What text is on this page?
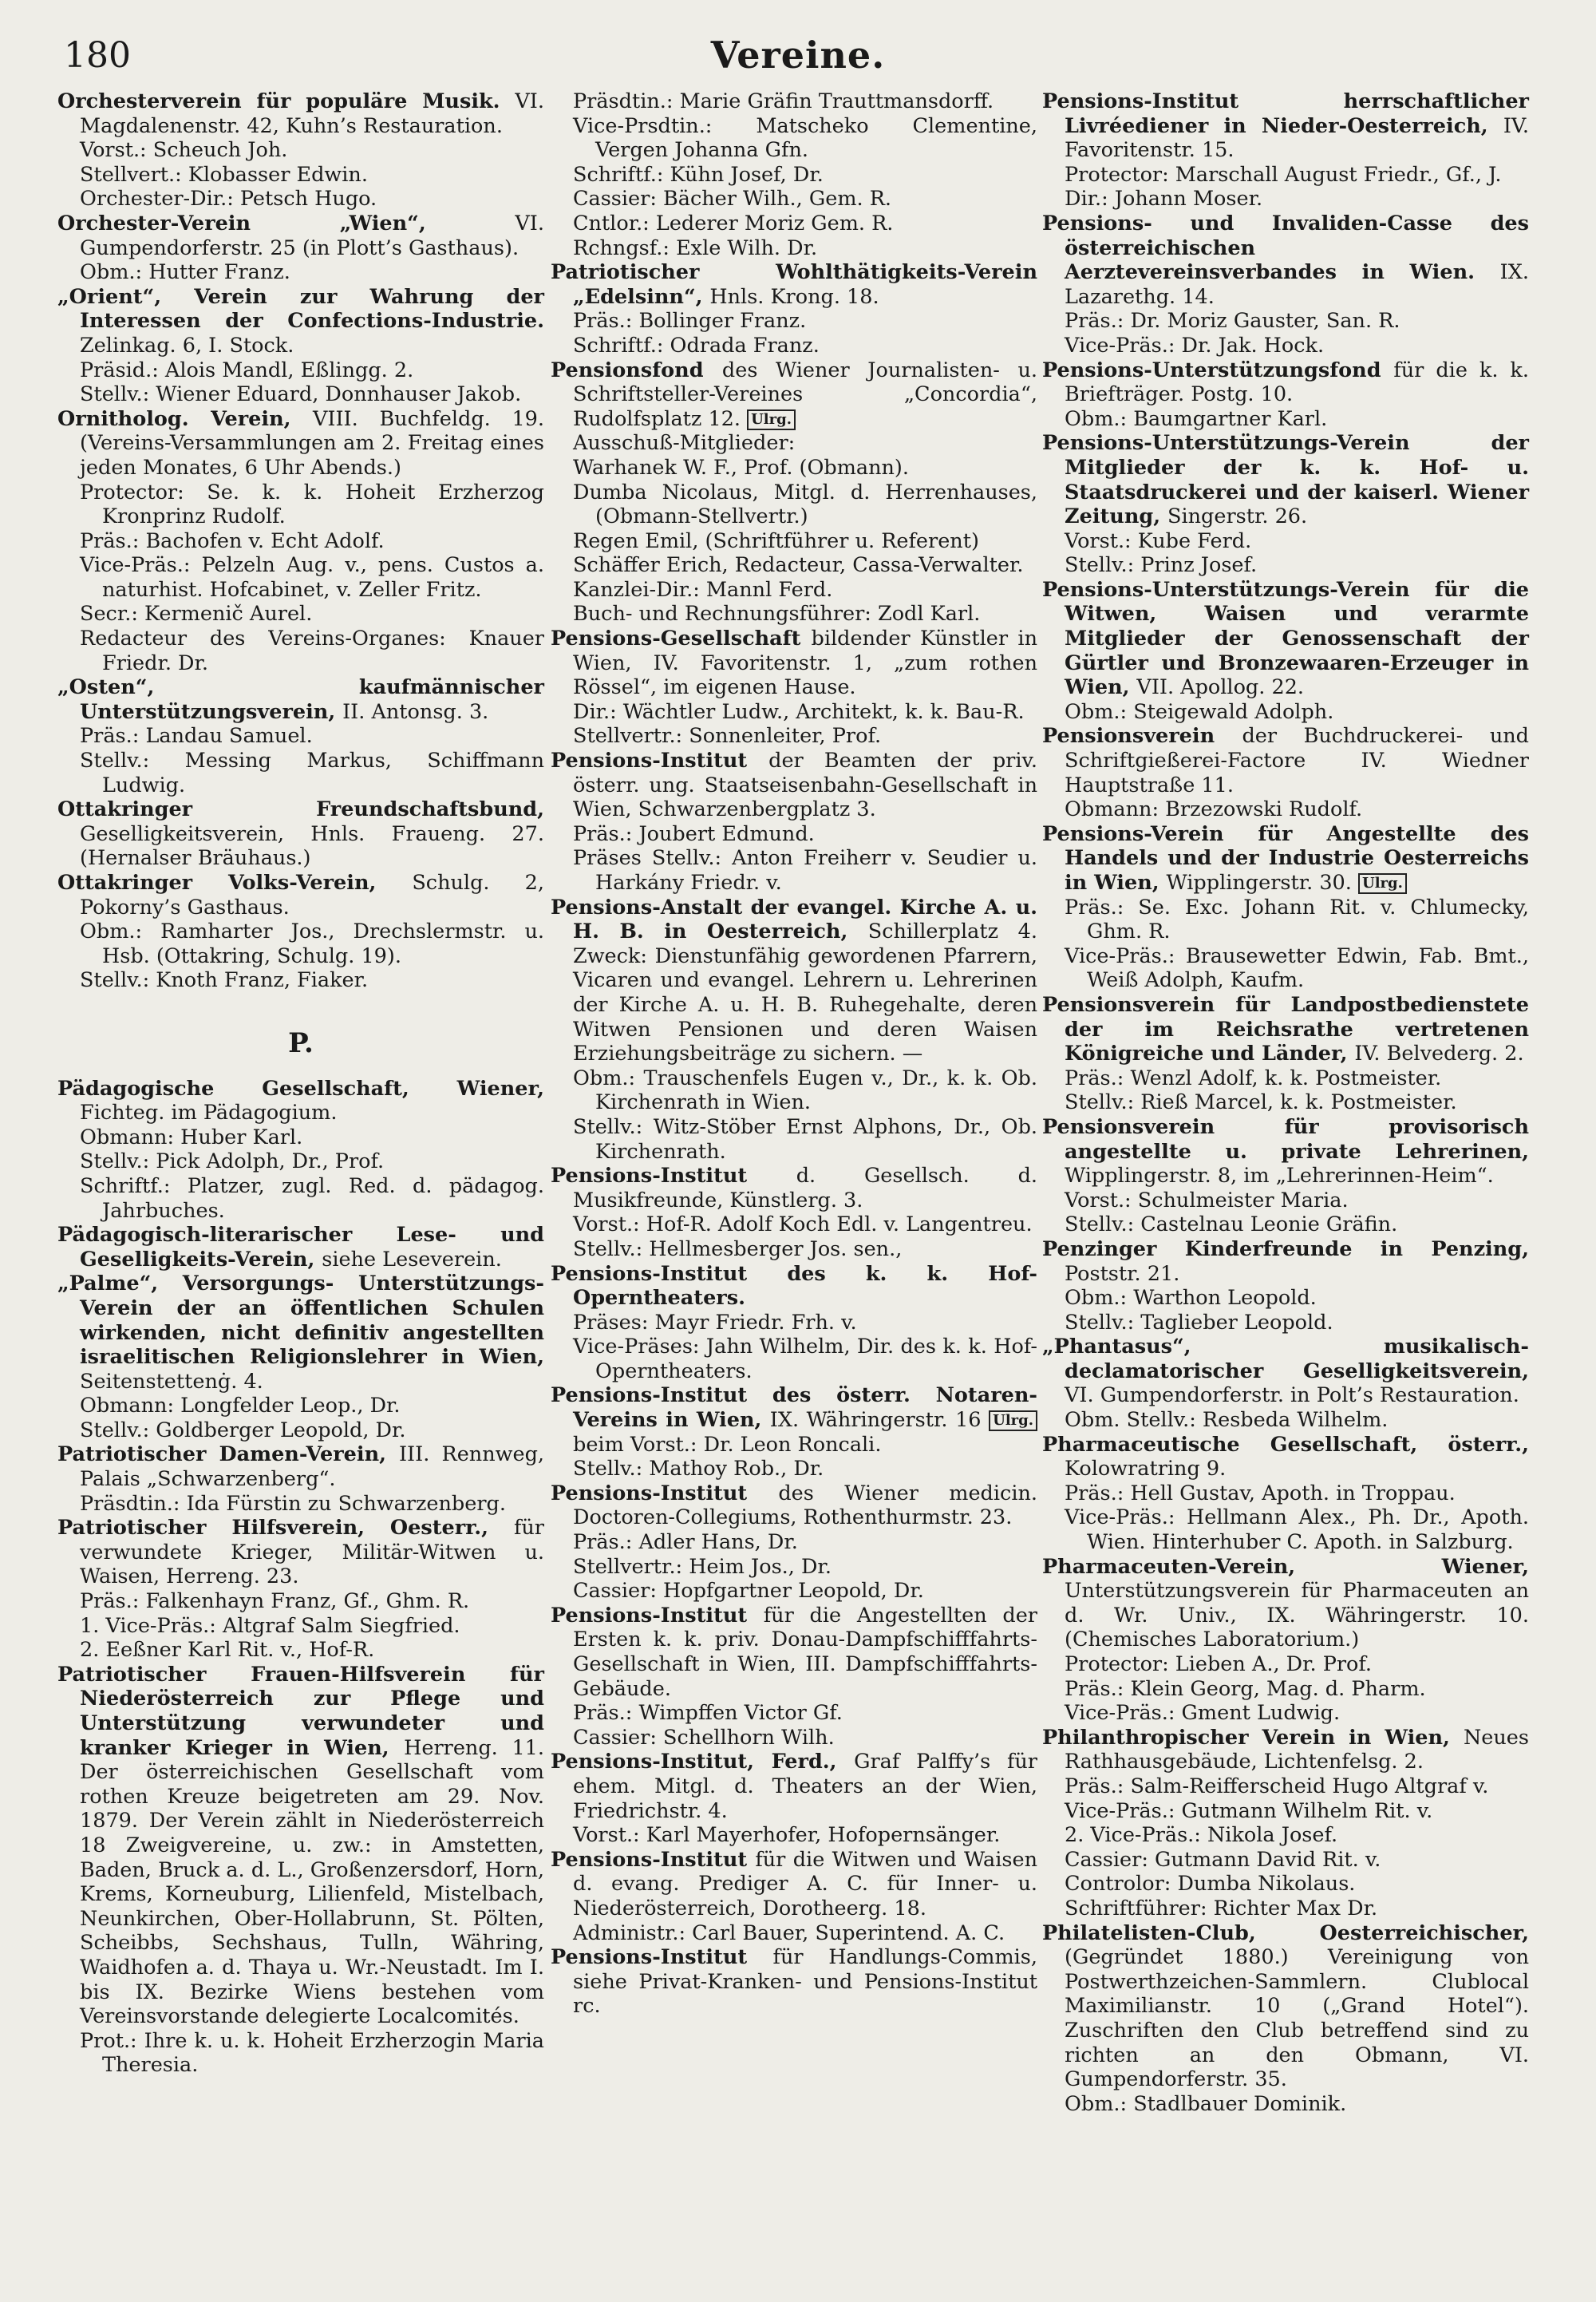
180	Vereine.
Orchesterverein für populäre Musik. VI. Magdalenenstr. 42, Kuhn’s Restauration.
Vorst.: Scheuch Joh.
Stellvert.: Klobasser Edwin.
Orchester-Dir.: Petsch Hugo.
Orchester-Verein „Wien“, VI. Gumpendorferstr. 25 (in Plott’s Gasthaus).
Obm.: Hutter Franz.
„Orient“, Verein zur Wahrung der Interessen der Confections-Industrie. Zelinkag. 6, I. Stock.
Präsid.: Alois Mandl, Eßlingg. 2.
Stellv.: Wiener Eduard, Donnhauser Jakob.
Ornitholog. Verein, VIII. Buchfeldg. 19. (Vereins-Versammlungen am 2. Freitag eines jeden Monates, 6 Uhr Abends.)
Protector: Se. k. k. Hoheit Erzherzog Kronprinz Rudolf.
Präs.: Bachofen v. Echt Adolf.
Vice-Präs.: Pelzeln Aug. v., pens. Custos a. naturhist. Hofcabinet, v. Zeller Fritz.
Secr.: Kermenič Aurel.
Redacteur des Vereins-Organes: Knauer Friedr. Dr.
„Osten“, kaufmännischer Unterstützungsverein, II. Antonsg. 3.
Präs.: Landau Samuel.
Stellv.: Messing Markus, Schiffmann Ludwig.
Ottakringer Freundschaftsbund, Geselligkeitsverein, Hnls. Fraueng. 27. (Hernalser Bräuhaus.)
Ottakringer Volks-Verein, Schulg. 2, Pokorny’s Gasthaus.
Obm.: Ramharter Jos., Drechslermstr. u. Hsb. (Ottakring, Schulg. 19).
Stellv.: Knoth Franz, Fiaker.
P.
Pädagogische Gesellschaft, Wiener, Fichteg. im Pädagogium.
Obmann: Huber Karl.
Stellv.: Pick Adolph, Dr., Prof.
Schriftf.: Platzer, zugl. Red. d. pädagog. Jahrbuches.
Pädagogisch-literarischer Lese- und Geselligkeits-Verein, siehe Leseverein.
„Palme“, Versorgungs- Unterstützungs-Verein der an öffentlichen Schulen wirkenden, nicht definitiv angestellten israelitischen Religionslehrer in Wien, Seitenstettenġ. 4.
Obmann: Longfelder Leop., Dr.
Stellv.: Goldberger Leopold, Dr.
Patriotischer Damen-Verein, III. Rennweg, Palais „Schwarzenberg“.
Präsdtin.: Ida Fürstin zu Schwarzenberg.
Patriotischer Hilfsverein, Oesterr., für verwundete Krieger, Militär-Witwen u. Waisen, Herreng. 23.
Präs.: Falkenhayn Franz, Gf., Ghm. R.
1. Vice-Präs.: Altgraf Salm Siegfried.
2. Eeßner Karl Rit. v., Hof-R.
Patriotischer Frauen-Hilfsverein für Niederösterreich zur Pflege und Unterstützung verwundeter und kranker Krieger in Wien, Herreng. 11. Der österreichischen Gesellschaft vom rothen Kreuze beigetreten am 29. Nov. 1879. Der Verein zählt in Niederösterreich 18 Zweigvereine, u. zw.: in Amstetten, Baden, Bruck a. d. L., Großenzersdorf, Horn, Krems, Korneuburg, Lilienfeld, Mistelbach, Neunkirchen, Ober-Hollabrunn, St. Pölten, Scheibbs, Sechshaus, Tulln, Währing, Waidhofen a. d. Thaya u. Wr.-Neustadt. Im I. bis IX. Bezirke Wiens bestehen vom Vereinsvorstande delegierte Localcomités.
Prot.: Ihre k. u. k. Hoheit Erzherzogin Maria Theresia.
Präsdtin.: Marie Gräfin Trauttmansdorff.
Vice-Prsdtin.: Matscheko Clementine, Vergen Johanna Gfn.
Schriftf.: Kühn Josef, Dr.
Cassier: Bächer Wilh., Gem. R.
Cntlor.: Lederer Moriz Gem. R.
Rchngsf.: Exle Wilh. Dr.
Patriotischer Wohlthätigkeits-Verein „Edelsinn“, Hnls. Krong. 18.
Präs.: Bollinger Franz.
Schriftf.: Odrada Franz.
Pensionsfond des Wiener Journalisten- u. Schriftsteller-Vereines „Concordia“, Rudolfsplatz 12. Ulrg.
Ausschuß-Mitglieder:
Warhanek W. F., Prof. (Obmann).
Dumba Nicolaus, Mitgl. d. Herrenhauses, (Obmann-Stellvertr.)
Regen Emil, (Schriftführer u. Referent)
Schäffer Erich, Redacteur, Cassa-Verwalter.
Kanzlei-Dir.: Mannl Ferd.
Buch- und Rechnungsführer: Zodl Karl.
Pensions-Gesellschaft bildender Künstler in Wien, IV. Favoritenstr. 1, „zum rothen Rössel“, im eigenen Hause.
Dir.: Wächtler Ludw., Architekt, k. k. Bau-R.
Stellvertr.: Sonnenleiter, Prof.
Pensions-Institut der Beamten der priv. österr. ung. Staatseisenbahn-Gesellschaft in Wien, Schwarzenbergplatz 3.
Präs.: Joubert Edmund.
Präses Stellv.: Anton Freiherr v. Seudier u. Harkány Friedr. v.
Pensions-Anstalt der evangel. Kirche A. u. H. B. in Oesterreich, Schillerplatz 4. Zweck: Dienstunfähig gewordenen Pfarrern, Vicaren und evangel. Lehrern u. Lehrerinen der Kirche A. u. H. B. Ruhegehalte, deren Witwen Pensionen und deren Waisen Erziehungsbeiträge zu sichern. —
Obm.: Trauschenfels Eugen v., Dr., k. k. Ob. Kirchenrath in Wien.
Stellv.: Witz-Stöber Ernst Alphons, Dr., Ob. Kirchenrath.
Pensions-Institut d. Gesellsch. d. Musikfreunde, Künstlerg. 3.
Vorst.: Hof-R. Adolf Koch Edl. v. Langentreu.
Stellv.: Hellmesberger Jos. sen.,
Pensions-Institut des k. k. Hof-Operntheaters.
Präses: Mayr Friedr. Frh. v.
Vice-Präses: Jahn Wilhelm, Dir. des k. k. Hof-Operntheaters.
Pensions-Institut des österr. Notaren-Vereins in Wien, IX. Währingerstr. 16 Ulrg. beim Vorst.: Dr. Leon Roncali.
Stellv.: Mathoy Rob., Dr.
Pensions-Institut des Wiener medicin. Doctoren-Collegiums, Rothenthurmstr. 23.
Präs.: Adler Hans, Dr.
Stellvertr.: Heim Jos., Dr.
Cassier: Hopfgartner Leopold, Dr.
Pensions-Institut für die Angestellten der Ersten k. k. priv. Donau-Dampfschifffahrts-Gesellschaft in Wien, III. Dampfschifffahrts-Gebäude.
Präs.: Wimpffen Victor Gf.
Cassier: Schellhorn Wilh.
Pensions-Institut, Ferd., Graf Palffy’s für ehem. Mitgl. d. Theaters an der Wien, Friedrichstr. 4.
Vorst.: Karl Mayerhofer, Hofopernsänger.
Pensions-Institut für die Witwen und Waisen d. evang. Prediger A. C. für Inner- u. Niederösterreich, Dorotheerg. 18.
Administr.: Carl Bauer, Superintend. A. C.
Pensions-Institut für Handlungs-Commis, siehe Privat-Kranken- und Pensions-Institut rc.
Pensions-Institut herrschaftlicher Livréediener in Nieder-Oesterreich, IV. Favoritenstr. 15.
Protector: Marschall August Friedr., Gf., J.
Dir.: Johann Moser.
Pensions- und Invaliden-Casse des österreichischen Aerztevereinsverbandes in Wien. IX. Lazarethg. 14.
Präs.: Dr. Moriz Gauster, San. R.
Vice-Präs.: Dr. Jak. Hock.
Pensions-Unterstützungsfond für die k. k. Briefträger. Postg. 10.
Obm.: Baumgartner Karl.
Pensions-Unterstützungs-Verein der Mitglieder der k. k. Hof- u. Staatsdruckerei und der kaiserl. Wiener Zeitung, Singerstr. 26.
Vorst.: Kube Ferd.
Stellv.: Prinz Josef.
Pensions-Unterstützungs-Verein für die Witwen, Waisen und verarmte Mitglieder der Genossenschaft der Gürtler und Bronzewaaren-Erzeuger in Wien, VII. Apollog. 22.
Obm.: Steigewald Adolph.
Pensionsverein der Buchdruckerei- und Schriftgießerei-Factore IV. Wiedner Hauptstraße 11.
Obmann: Brzezowski Rudolf.
Pensions-Verein für Angestellte des Handels und der Industrie Oesterreichs in Wien, Wipplingerstr. 30. Ulrg.
Präs.: Se. Exc. Johann Rit. v. Chlumecky, Ghm. R.
Vice-Präs.: Brausewetter Edwin, Fab. Bmt., Weiß Adolph, Kaufm.
Pensionsverein für Landpostbedienstete der im Reichsrathe vertretenen Königreiche und Länder, IV. Belvederg. 2.
Präs.: Wenzl Adolf, k. k. Postmeister.
Stellv.: Rieß Marcel, k. k. Postmeister.
Pensionsverein für provisorisch angestellte u. private Lehrerinen, Wipplingerstr. 8, im „Lehrerinnen-Heim“.
Vorst.: Schulmeister Maria.
Stellv.: Castelnau Leonie Gräfin.
Penzinger Kinderfreunde in Penzing, Poststr. 21.
Obm.: Warthon Leopold.
Stellv.: Taglieber Leopold.
„Phantasus“, musikalisch-declamatorischer Geselligkeitsverein, VI. Gumpendorferstr. in Polt’s Restauration.
Obm. Stellv.: Resbeda Wilhelm.
Pharmaceutische Gesellschaft, österr., Kolowratring 9.
Präs.: Hell Gustav, Apoth. in Troppau.
Vice-Präs.: Hellmann Alex., Ph. Dr., Apoth. Wien. Hinterhuber C. Apoth. in Salzburg.
Pharmaceuten-Verein, Wiener, Unterstützungsverein für Pharmaceuten an d. Wr. Univ., IX. Währingerstr. 10. (Chemisches Laboratorium.)
Protector: Lieben A., Dr. Prof.
Präs.: Klein Georg, Mag. d. Pharm.
Vice-Präs.: Gment Ludwig.
Philanthropischer Verein in Wien, Neues Rathhausgebäude, Lichtenfelsg. 2.
Präs.: Salm-Reifferscheid Hugo Altgraf v.
Vice-Präs.: Gutmann Wilhelm Rit. v.
2. Vice-Präs.: Nikola Josef.
Cassier: Gutmann David Rit. v.
Controlor: Dumba Nikolaus.
Schriftführer: Richter Max Dr.
Philatelisten-Club, Oesterreichischer, (Gegründet 1880.) Vereinigung von Postwerthzeichen-Sammlern. Clublocal Maximilianstr. 10 („Grand Hotel“). Zuschriften den Club betreffend sind zu richten an den Obmann, VI. Gumpendorferstr. 35.
Obm.: Stadlbauer Dominik.
